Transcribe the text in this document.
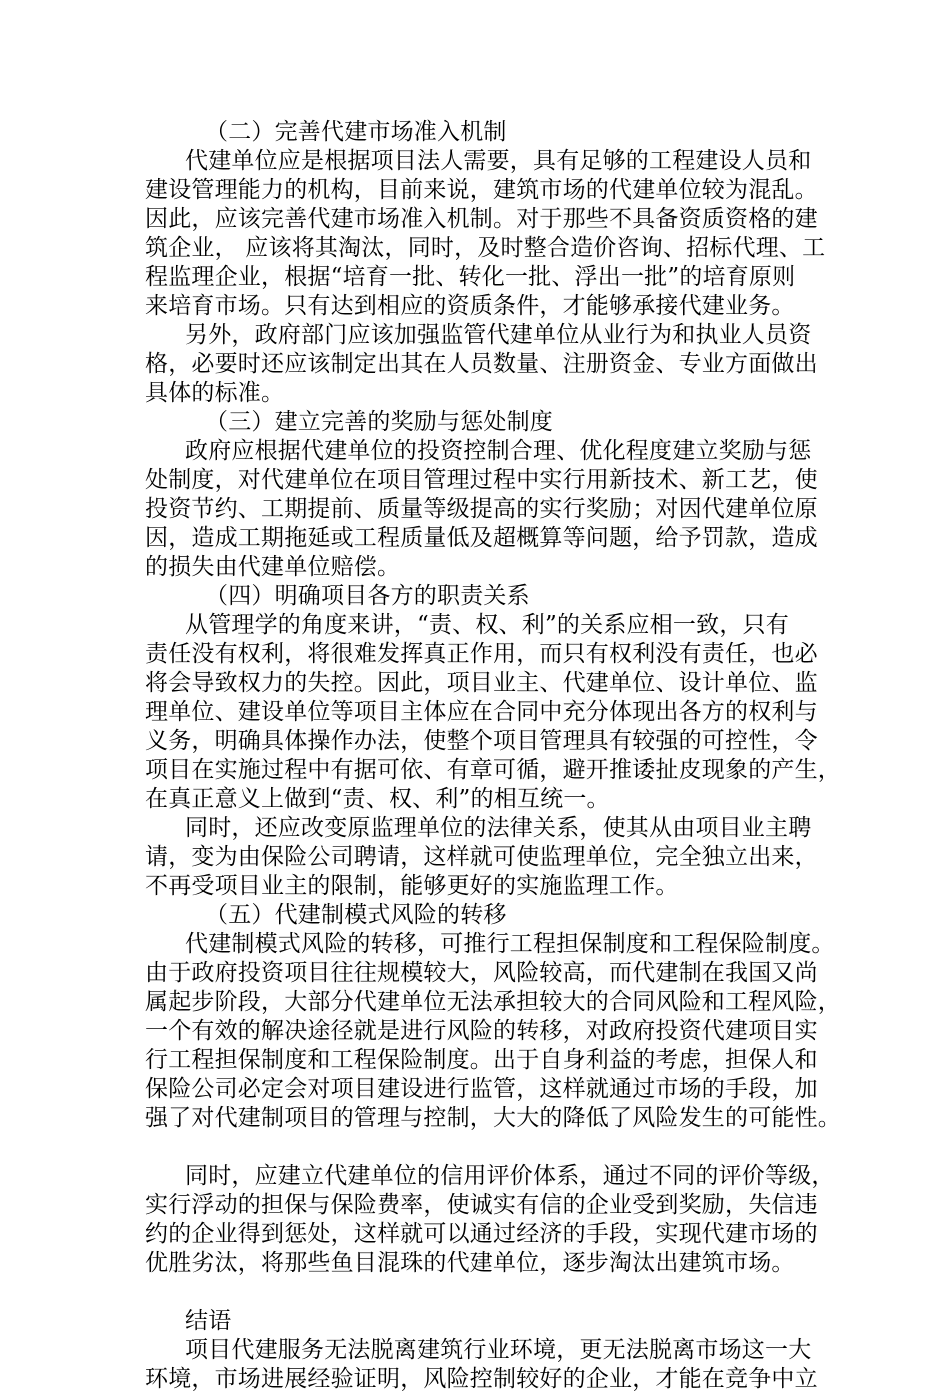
（二）完善代建市场准入机制
代建单位应是根据项目法人需要，具有足够的工程建设人员和
建设管理能力的机构，目前来说，建筑市场的代建单位较为混乱。
因此，应该完善代建市场准入机制。对于那些不具备资质资格的建
筑企业， 应该将其淘汰，同时，及时整合造价咨询、招标代理、工
程监理企业，根据“培育一批、转化一批、浮出一批”的培育原则
来培育市场。只有达到相应的资质条件，才能够承接代建业务。
另外，政府部门应该加强监管代建单位从业行为和执业人员资
格，必要时还应该制定出其在人员数量、注册资金、专业方面做出
具体的标准。
（三）建立完善的奖励与惩处制度
政府应根据代建单位的投资控制合理、优化程度建立奖励与惩
处制度，对代建单位在项目管理过程中实行用新技术、新工艺，使
投资节约、工期提前、质量等级提高的实行奖励；对因代建单位原
因，造成工期拖延或工程质量低及超概算等问题，给予罚款，造成
的损失由代建单位赔偿。
（四）明确项目各方的职责关系
从管理学的角度来讲，“责、权、利”的关系应相一致，只有
责任没有权利，将很难发挥真正作用，而只有权利没有责任，也必
将会导致权力的失控。因此，项目业主、代建单位、设计单位、监
理单位、建设单位等项目主体应在合同中充分体现出各方的权利与
义务，明确具体操作办法，使整个项目管理具有较强的可控性，令
项目在实施过程中有据可依、有章可循，避开推诿扯皮现象的产生，
在真正意义上做到“责、权、利”的相互统一。
同时，还应改变原监理单位的法律关系，使其从由项目业主聘
请，变为由保险公司聘请，这样就可使监理单位，完全独立出来，
不再受项目业主的限制，能够更好的实施监理工作。
（五）代建制模式风险的转移
代建制模式风险的转移，可推行工程担保制度和工程保险制度。
由于政府投资项目往往规模较大，风险较高，而代建制在我国又尚
属起步阶段，大部分代建单位无法承担较大的合同风险和工程风险，
一个有效的解决途径就是进行风险的转移，对政府投资代建项目实
行工程担保制度和工程保险制度。出于自身利益的考虑，担保人和
保险公司必定会对项目建设进行监管，这样就通过市场的手段，加
强了对代建制项目的管理与控制，大大的降低了风险发生的可能性。
同时，应建立代建单位的信用评价体系，通过不同的评价等级，
实行浮动的担保与保险费率，使诚实有信的企业受到奖励，失信违
约的企业得到惩处，这样就可以通过经济的手段，实现代建市场的
优胜劣汰，将那些鱼目混珠的代建单位，逐步淘汰出建筑市场。
结语
项目代建服务无法脱离建筑行业环境，更无法脱离市场这一大
环境，市场进展经验证明，风险控制较好的企业，才能在竞争中立
